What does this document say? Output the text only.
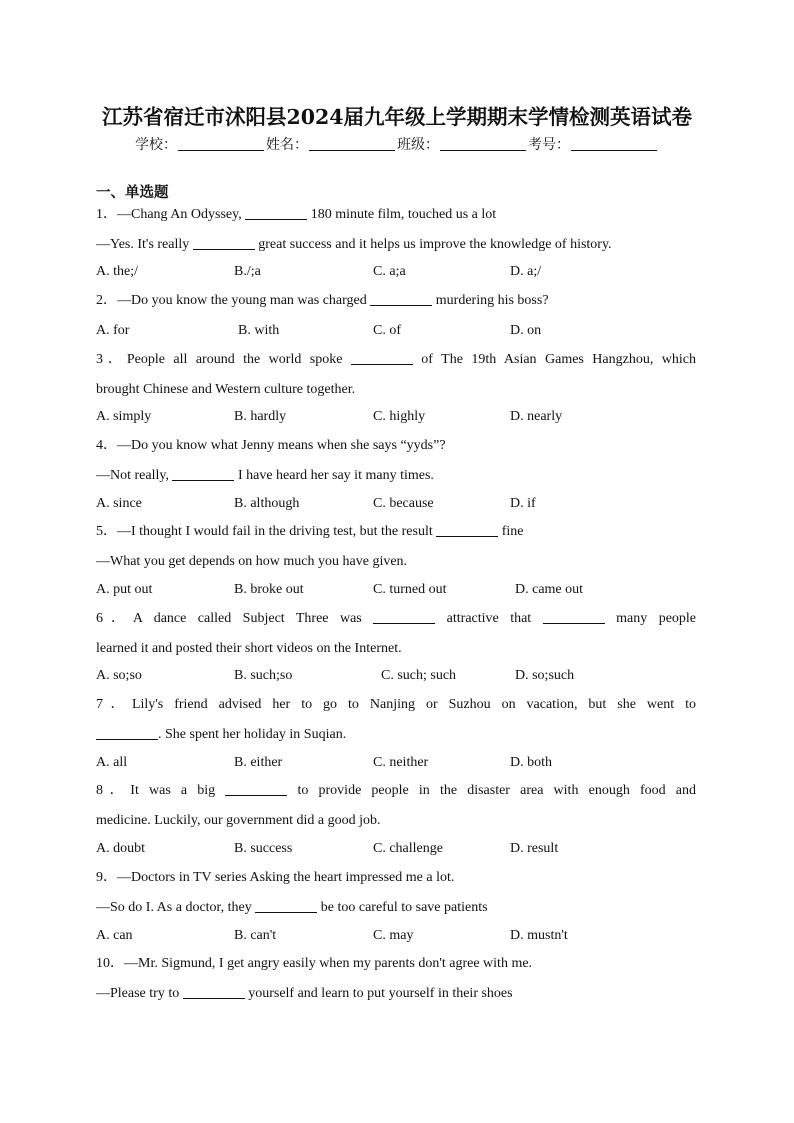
江苏省宿迁市沭阳县2024届九年级上学期期末学情检测英语试卷
学校：	姓名：	班级：	考号：
一、单选题
1．—Chang An Odyssey,	180 minute film, touched us a lot
—Yes. It's really	great success and it helps us improve the knowledge of history.
A. the;/	B./;a	C. a;a	D. a;/
2．—Do you know the young man was charged	murdering his boss?
A. for	B. with	C. of	D. on
3．People all around the world spoke	of The 19th Asian Games Hangzhou, which
brought Chinese and Western culture together.
A. simply	B. hardly	C. highly	D. nearly
4．—Do you know what Jenny means when she says “yyds”?
—Not really,	I have heard her say it many times.
A. since	B. although	C. because	D. if
5．—I thought I would fail in the driving test, but the result	fine
—What you get depends on how much you have given.
A. put out	B. broke out	C. turned out	D. came out
6．A dance called Subject Three was	attractive that	many people
learned it and posted their short videos on the Internet.
A. so;so	B. such;so	C. such; such	D. so;such
7．Lily's friend advised her to go to Nanjing or Suzhou on vacation, but she went to
. She spent her holiday in Suqian.
A. all	B. either	C. neither	D. both
8．It was a big	to provide people in the disaster area with enough food and
medicine. Luckily, our government did a good job.
A. doubt	B. success	C. challenge	D. result
9．—Doctors in TV series Asking the heart impressed me a lot.
—So do I. As a doctor, they	be too careful to save patients
A. can	B. can't	C. may	D. mustn't
10．—Mr. Sigmund, I get angry easily when my parents don't agree with me.
—Please try to	yourself and learn to put yourself in their shoes
